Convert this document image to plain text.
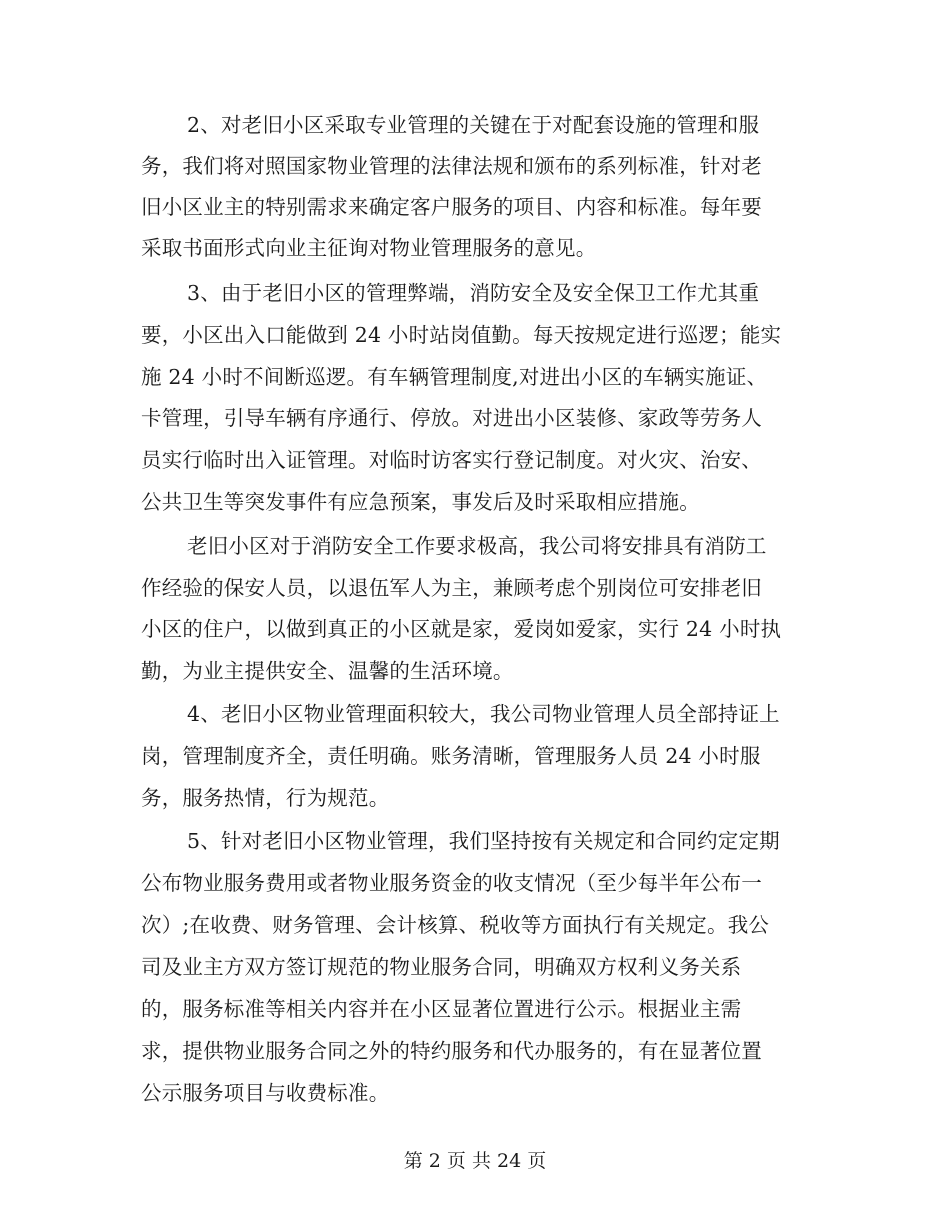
2、对老旧小区采取专业管理的关键在于对配套设施的管理和服
务，我们将对照国家物业管理的法律法规和颁布的系列标准，针对老
旧小区业主的特别需求来确定客户服务的项目、内容和标准。每年要
采取书面形式向业主征询对物业管理服务的意见。
3、由于老旧小区的管理弊端，消防安全及安全保卫工作尤其重
要，小区出入口能做到 24 小时站岗值勤。每天按规定进行巡逻；能实
施 24 小时不间断巡逻。有车辆管理制度,对进出小区的车辆实施证、
卡管理，引导车辆有序通行、停放。对进出小区装修、家政等劳务人
员实行临时出入证管理。对临时访客实行登记制度。对火灾、治安、
公共卫生等突发事件有应急预案，事发后及时采取相应措施。
老旧小区对于消防安全工作要求极高，我公司将安排具有消防工
作经验的保安人员，以退伍军人为主，兼顾考虑个别岗位可安排老旧
小区的住户，以做到真正的小区就是家，爱岗如爱家，实行 24 小时执
勤，为业主提供安全、温馨的生活环境。
4、老旧小区物业管理面积较大，我公司物业管理人员全部持证上
岗，管理制度齐全，责任明确。账务清晰，管理服务人员 24 小时服
务，服务热情，行为规范。
5、针对老旧小区物业管理，我们坚持按有关规定和合同约定定期
公布物业服务费用或者物业服务资金的收支情况（至少每半年公布一
次）;在收费、财务管理、会计核算、税收等方面执行有关规定。我公
司及业主方双方签订规范的物业服务合同，明确双方权利义务关系
的，服务标准等相关内容并在小区显著位置进行公示。根据业主需
求，提供物业服务合同之外的特约服务和代办服务的，有在显著位置
公示服务项目与收费标准。
第 2 页 共 24 页
